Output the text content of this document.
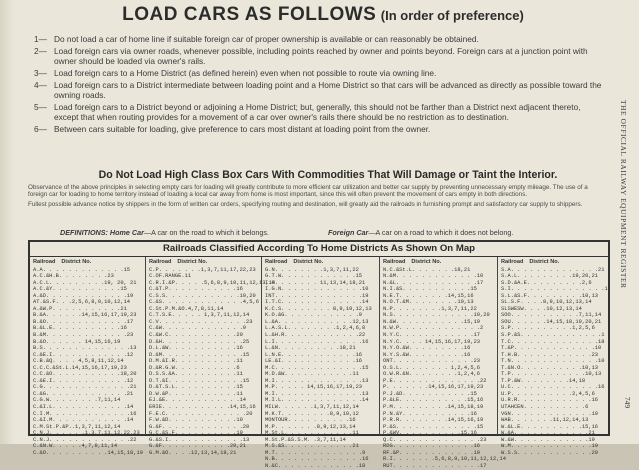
LOAD CARS AS FOLLOWS (In order of preference)
1— Do not load a car of home line if suitable foreign car of proper ownership is available or can reasonably be obtained.
2— Load foreign cars via owner roads, whenever possible, including points reached by owner and points beyond. Foreign cars at a junction point with owner should be loaded via owner's rails.
3— Load foreign cars to a Home District (as defined herein) even when not possible to route via owning line.
4— Load foreign cars to a District intermediate between loading point and a Home District so that cars will be advanced as directly as possible toward the owning roads.
5— Load foreign cars to a District beyond or adjoining a Home District; but, generally, this should not be farther than a District next adjacent thereto, except that when routing provides for a movement of a car over owner's rails there should be no restriction as to destination.
6— Between cars suitable for loading, give preference to cars most distant at loading point from the owner.
Do Not Load High Class Box Cars With Commodities That Will Damage or Taint the Interior.

Observance of the above principles in selecting empty cars for loading will greatly contribute to more efficient car utilization and better car supply by preventing unnecessary empty mileage. The use of a foreign car for loading to home territory instead of loading a local car away from home is most important, since this will often prevent the movement of cars empty in both directions.

Fullest possible advance notice by shippers in the form of written car orders, specifying routing and destination, will greatly aid the railroads in furnishing prompt and satisfactory car supply to shippers.

DEFINITIONS: Home Car—A car on the road to which it belongs.	Foreign Car—A car on a road to which it does not belong.
Railroads Classified According To Home Districts As Shown On Map
Railroad District No.
A.A. . . . . . . . . . . . .15
A.C.&H.B. . . . . . . .23
A.C.L. . . . . . . . .19, 20, 21
A.C.&Y. . . . . . . . . . .15
A.&D. . . . . . . . . . . . .19
AT.&S.F. . .2,5,6,8,9,10,12,14
A.&W.P. . . . . . . . . . .21
B.&A. . . . . .14,15,16,17,19,23
B.&O. . . . . . . . . . . . .17
B.&L.E. . . . . . . . . . .16
B.&M. . . . . . . . . . . . .23
B.&O. . . . . . 14,15,16,19
B.S. . . . . . . . . . . . . .13
C.&E.I. . . . . . . . . . . .12
C.B.&Q. . . . 4,5,8,11,12,14
C.C.C.&St.L.14,15,16,17,19,23
C.C.&O. . . . . . . . . . .18,20
C.&E.I. . . . . . . . . . . .12
C.G. . . . . . . . . . . . . .21
C.&G. . . . . . . . . . . . .21
C.G.W. . . . . . . .7,11,14
C.&I.L. . . . . . . . . . . .14
C.I.M. . . . . . . . . . . . .16
C.&I.M. . . . . . . . . . . .14
C.M.St.P.&P..1,3,7,11,12,14
C.N.J. . . . . .1,3,7,11,12,22,23
C.N.J. . . . . . . . . . . . .22
C.&N.W. . . . .4,7,8,11,14
C.&O. . . . . . . . . .14,15,18,19
Railroad District No.
C.P. . . . . . .1,3,7,11,17,22,23
C.OF.RANGE.11
C.R.I.&P. . . . .5,6,8,9,10,11,12,13,14
C.&T.P. . . . . . . . . . .16
C.S.S. . . . . . . . . . . .10,20
C.&S. . . . . . . . . . . . .4,5,6
C.St.P.M.&O.4,7,8,11,14
C.T.S.E. . . . . 1,3,7,11,12,14
C.V. . . . . . . . . . . . . .23
C.&W. . . . . . . . . . . . .9
C.&W.C. . . . . . . . . . .20
D.&H. . . . . . . . . . . . .25
D.L.&W. . . . . . . . . . .16
D.&M. . . . . . . . . . . . .15
D.M.&I.R. . . . . . . . . .11
D.&R.G.W. . . . . . . . . .6
D.S.S.&A. . . . . . . . . .11
D.T.&I. . . . . . . . . . . .15
D.&T.S.L. . . . . . . . . .15
D.W.&P. . . . . . . . . . .11
EJ.&E. . . . . . . . . . . .14
ERIE. . . . . . . . . . .14,15,16
F.E.C. . . . . . . . . . . . .20
F.W.&D. . . . . . . . . . .10
G.&F. . . . . . . . . . . . .20
G.C.&S.F. . . . . . . . . .10
G.&S.I. . . . . . . . . . . .13
G.&F. . . . . . . . . . .20,21
G.M.&O. . . .12,13,14,18,21
Railroad District No.
G.N. . . . . . . .1,3,7,11,22
G.T.W. . . . . . . . . . . .15
I.C. . . . . . . 11,13,14,18,21
I.G.N. . . . . . . . . . . . .10
INT. . . . . . . . . . . . . .19
I.T.C. . . . . . . . . . . . .14
K.C.S. . . . . . . . 8,9,10,12,13
K.O.&G. . . . . . . . . . . .9
L.&A. . . . . . . . . . . .12,13
L.A.S.L. . . . . . . .1,2,4,6,8
L.&H.R. . . . . . . . . . . .22
L.I. . . . . . . . . . . . . .16
L.&N. . . . . . . . . .18,21
L.N.E. . . . . . . . . . . .16
LE.&I. . . . . . . . . . . .16
M.C. . . . . . . . . . . . . .15
M.D.&W. . . . . . . . . . .11
M.I. . . . . . . . . . . . . .13
M.P. . . . . 14,15,16,17,19,23
M.I. . . . . . . . . . . . . .13
M.I.L. . . . . . . . . . . . .14
MILW. . . . . .1,3,7,11,12,14
M.K.T. . . . . . . .8,9,10,12
MONTOUR. . . . . . . . . .16
M.P. . . . . . .8,9,12,13,14
M.St.L. . . . . . . . . . .11
M.St.P.&S.S.M. .3,7,11,14
M.S.&S. . . . . . . . . . .21
M.T. . . . . . . . . . . . . .9
N.B. . . . . . . . . . . . . .16
N.&C. . . . . . . . . . . . .18
Railroad District No.
N.C.&St.L. . . . . . .18,21
N.&M. . . . . . . . . . . . .10
N.&L. . . . . . . . . . . . .17
N.I.&S. . . . . . . . . . .15
N.E.T. . . . . . . .14,15,16
N.O.T.&M. . . . . . . .10,13
N.P. . . . . . . .1,3,7,11,22
N.S. . . . . . . . . . . . .10,20
N.&W. . . . . . . . . . .15,19
N.W.P. . . . . . . . . . . . .2
N.Y.C. . . . . . . . . . . .17
N.Y.C. . . . 14,15,16,17,19,23
N.Y.O.&W. . . . . . . . .16
N.Y.S.&W. . . . . . . . .16
ONT. . . . . . . . . . . . .23
O.S.L. . . . . . . . 1,2,4,5,6
O.W.R.&N. . . . . . . .1,2,4,6
P.E. . . . . . . . . . . . . .22
P. . . . . . .14,15,16,17,19,23
P.J.&D. . . . . . . . . . .15
P.&LE. . . . . . . . . . .15,16
P.M. . . . . . . . .14,15,18,19
P.N.&Y. . . . . . . . . . .16
P.R.R. . . . . . . .14,15,16,19
P.&S. . . . . . . . . . . . .15
P.&WV. . . . . . . . . .15,16
Q.C. . . . . . . . . . . . . .23
RDG. . . . . . . . . . . . .16
RF.&P. . . . . . . . . . . .19
R.I. . . . . . .5,6,8,9,10,11,12,12,14
RUT. . . . . . . . . . . . . .17
Railroad District No.
S.A. . . . . . . . . . . . . .21
S.A.L. . . . . . . . .19,20,21
S.D.&A.E. . . . . . . . .2,6
S.I. . . . . . . . . . . . . . .1
S.L.&S.F. . . . . . . . .10,13
SL.S.F. . . .8,9,10,12,13,14
SLSWESW. . . .10,12,13,14
SOO. . . . . . . . . . .7,11,14
SOU. . . . . .14,15,18,19,20,21
S.P. . . . . . . . . .1,2,5,6
S.P.&S. . . . . . . . . . . . .1
T.C. . . . . . . . . . . . . .18
T.&P. . . . . . . . . . . . .10
T.H.B. . . . . . . . . . . .23
T.N. . . . . . . . . . . . . .10
T.&N.O. . . . . . . . . .10,13
T.P. . . . . . . . . . . .10,13
T.P.&W. . . . . . . .14,18
U.C. . . . . . . . . . . . . .16
U.P. . . . . . . . . .2,4,5,6
U.R.R. . . . . . . . . . . .16
UTAHCEN. . . . . . . . . .6
VGN. . . . . . . . . . . . .19
WAB. . . . . . .11,12,14,13
W.&L.E. . . . . . . . . .15,16
W.&A. . . . . . . . . . . .21
W.&W. . . . . . . . . . . .19
W.M. . . . . . . . . . . . .19
W.S.S. . . . . . . . . . . .20
THE OFFICIAL RAILWAY EQUIPMENT REGISTER
749
